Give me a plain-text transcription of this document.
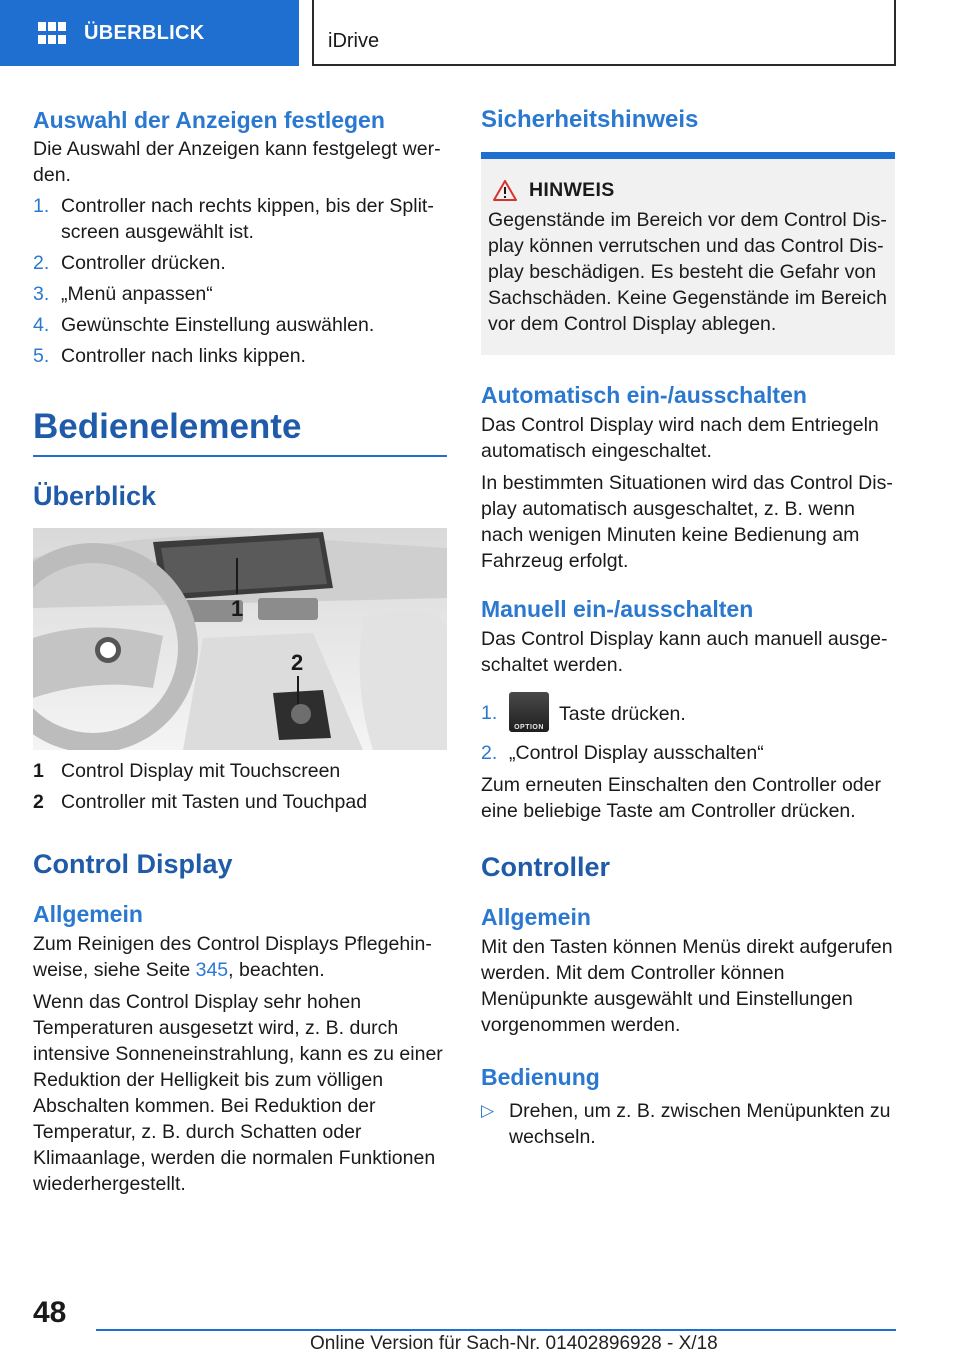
ÜBERBLICK	iDrive
Auswahl der Anzeigen festlegen

Die Auswahl der Anzeigen kann festgelegt werden.

1. Controller nach rechts kippen, bis der Splitscreen ausgewählt ist.
2. Controller drücken.
3. „Menü anpassen“
4. Gewünschte Einstellung auswählen.
5. Controller nach links kippen.
Bedienelemente
Überblick
1
2
1 Control Display mit Touchscreen
2 Controller mit Tasten und Touchpad
Control Display
Allgemein

Zum Reinigen des Control Displays Pflegehinweise, siehe Seite 345, beachten.

Wenn das Control Display sehr hohen Temperaturen ausgesetzt wird, z. B. durch intensive Sonneneinstrahlung, kann es zu einer Reduktion der Helligkeit bis zum völligen Abschalten kommen. Bei Reduktion der Temperatur, z. B. durch Schatten oder Klimaanlage, werden die normalen Funktionen wiederhergestellt.

Sicherheitshinweis
HINWEIS

Gegenstände im Bereich vor dem Control Display können verrutschen und das Control Display beschädigen. Es besteht die Gefahr von Sachschäden. Keine Gegenstände im Bereich vor dem Control Display ablegen.

Automatisch ein-/ausschalten

Das Control Display wird nach dem Entriegeln automatisch eingeschaltet.

In bestimmten Situationen wird das Control Display automatisch ausgeschaltet, z. B. wenn nach wenigen Minuten keine Bedienung am Fahrzeug erfolgt.

Manuell ein-/ausschalten

Das Control Display kann auch manuell ausgeschaltet werden.

1.
OPTION
Taste drücken.
2. „Control Display ausschalten“

Zum erneuten Einschalten den Controller oder eine beliebige Taste am Controller drücken.

Controller
Allgemein

Mit den Tasten können Menüs direkt aufgerufen werden. Mit dem Controller können Menüpunkte ausgewählt und Einstellungen vorgenommen werden.

Bedienung
▷ Drehen, um z. B. zwischen Menüpunkten zu wechseln.
48
Online Version für Sach-Nr. 01402896928 - X/18
